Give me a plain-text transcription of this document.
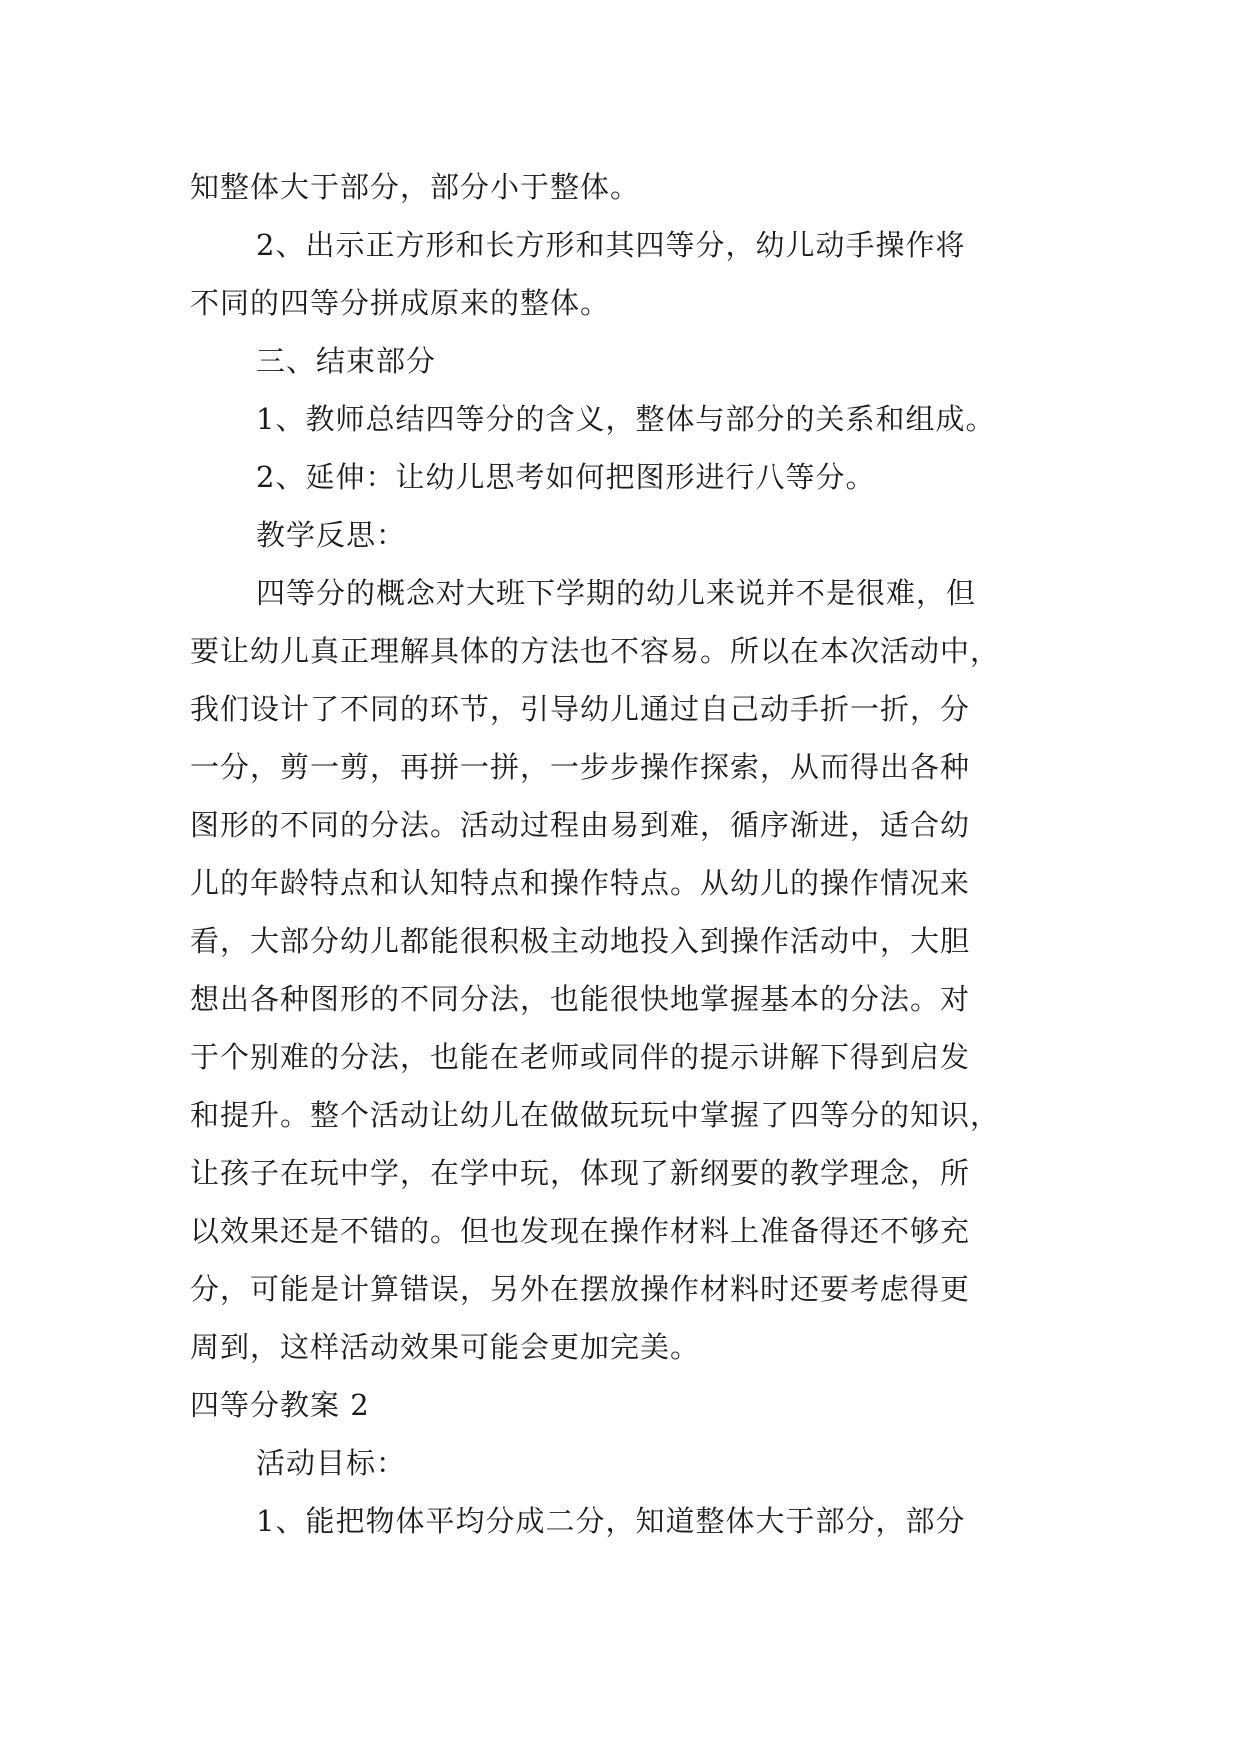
知整体大于部分，部分小于整体。
2、出示正方形和长方形和其四等分，幼儿动手操作将
不同的四等分拼成原来的整体。
三、结束部分
1、教师总结四等分的含义，整体与部分的关系和组成。
2、延伸：让幼儿思考如何把图形进行八等分。
教学反思：
四等分的概念对大班下学期的幼儿来说并不是很难，但
要让幼儿真正理解具体的方法也不容易。所以在本次活动中，
我们设计了不同的环节，引导幼儿通过自己动手折一折，分
一分，剪一剪，再拼一拼，一步步操作探索，从而得出各种
图形的不同的分法。活动过程由易到难，循序渐进，适合幼
儿的年龄特点和认知特点和操作特点。从幼儿的操作情况来
看，大部分幼儿都能很积极主动地投入到操作活动中，大胆
想出各种图形的不同分法，也能很快地掌握基本的分法。对
于个别难的分法，也能在老师或同伴的提示讲解下得到启发
和提升。整个活动让幼儿在做做玩玩中掌握了四等分的知识，
让孩子在玩中学，在学中玩，体现了新纲要的教学理念，所
以效果还是不错的。但也发现在操作材料上准备得还不够充
分，可能是计算错误，另外在摆放操作材料时还要考虑得更
周到，这样活动效果可能会更加完美。
四等分教案 2
活动目标：
1、能把物体平均分成二分，知道整体大于部分，部分
